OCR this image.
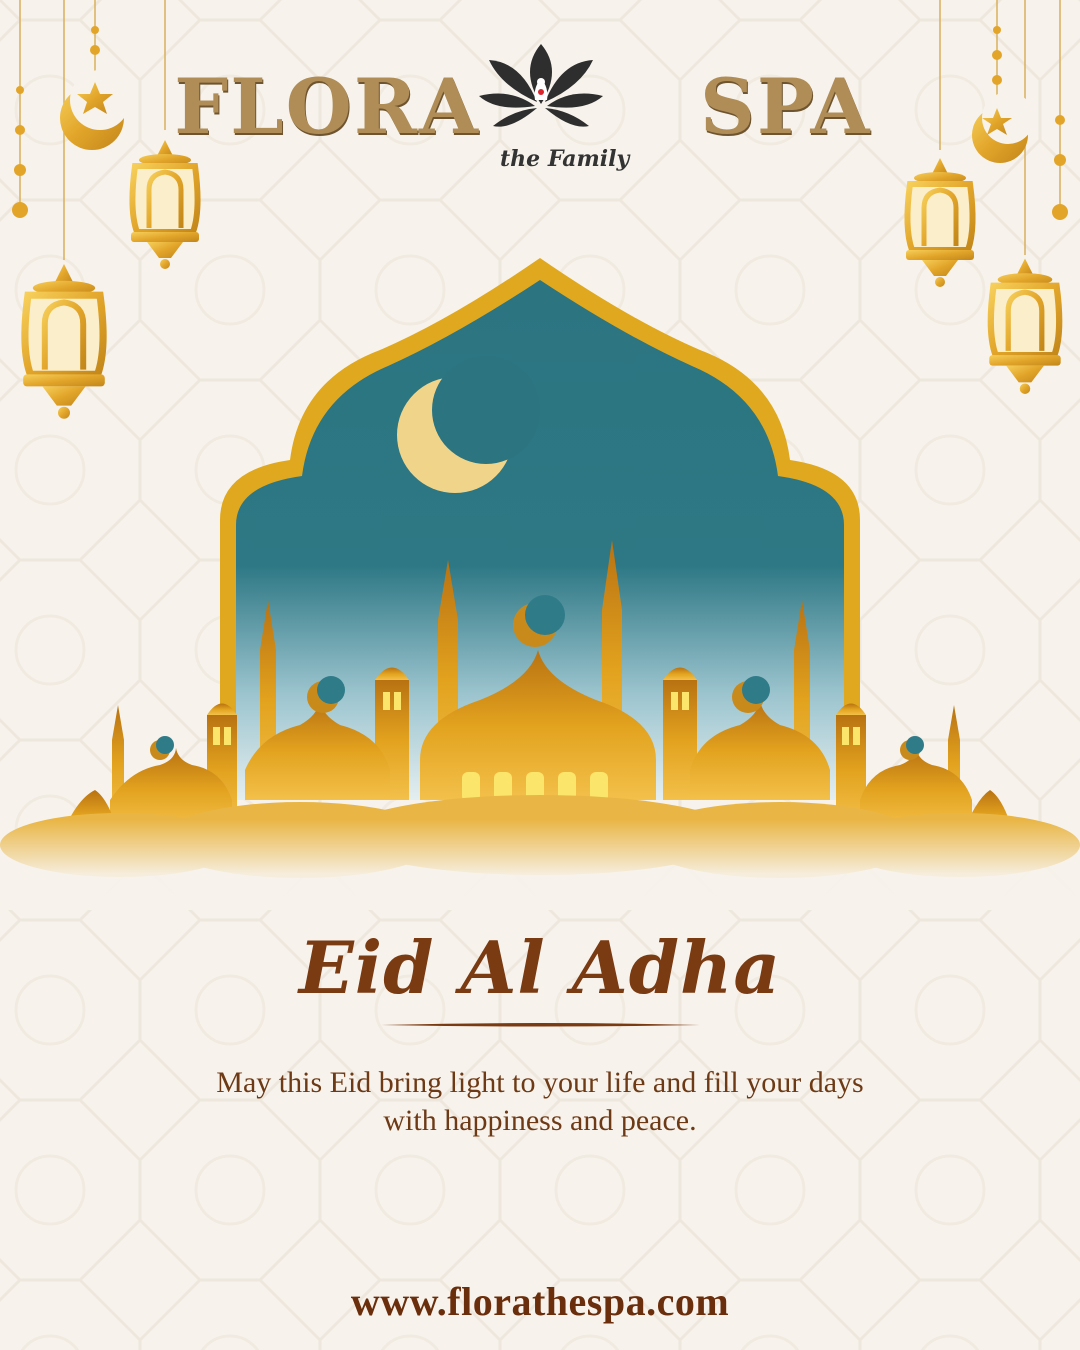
FLORA	SPA
the Family
Eid Al Adha
May this Eid bring light to your life and fill your days
with happiness and peace.
www.florathespa.com
